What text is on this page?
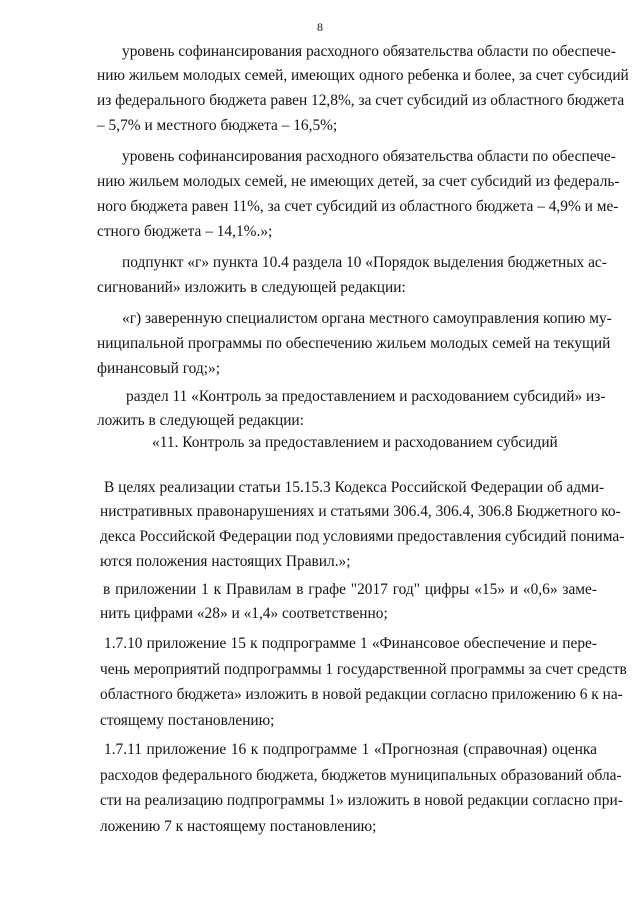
8
уровень софинансирования расходного обязательства области по обеспече-
нию жильем молодых семей, имеющих одного ребенка и более, за счет субсидий
из федерального бюджета равен 12,8%, за счет субсидий из областного бюджета
– 5,7% и местного бюджета – 16,5%;
уровень софинансирования расходного обязательства области по обеспече-
нию жильем молодых семей, не имеющих детей, за счет субсидий из федераль-
ного бюджета равен 11%, за счет субсидий из областного бюджета – 4,9% и ме-
стного бюджета – 14,1%.»;
подпункт «г» пункта 10.4 раздела 10 «Порядок выделения бюджетных ас-
сигнований» изложить в следующей редакции:
«г) заверенную специалистом органа местного самоуправления копию му-
ниципальной программы по обеспечению жильем молодых семей на текущий
финансовый год;»;
раздел 11 «Контроль за предоставлением и расходованием субсидий» из-
ложить в следующей редакции:
«11. Контроль за предоставлением и расходованием субсидий
В целях реализации статьи 15.15.3 Кодекса Российской Федерации об адми-
нистративных правонарушениях и статьями 306.4, 306.4, 306.8 Бюджетного ко-
декса Российской Федерации под условиями предоставления субсидий понима-
ются положения настоящих Правил.»;
в приложении 1 к Правилам в графе "2017 год" цифры «15» и «0,6» заме-
нить цифрами «28» и «1,4» соответственно;
1.7.10 приложение 15 к подпрограмме 1 «Финансовое обеспечение и пере-
чень мероприятий подпрограммы 1 государственной программы за счет средств
областного бюджета» изложить в новой редакции согласно приложению 6 к на-
стоящему постановлению;
1.7.11 приложение 16 к подпрограмме 1 «Прогнозная (справочная) оценка
расходов федерального бюджета, бюджетов муниципальных образований обла-
сти на реализацию подпрограммы 1» изложить в новой редакции согласно при-
ложению 7 к настоящему постановлению;
